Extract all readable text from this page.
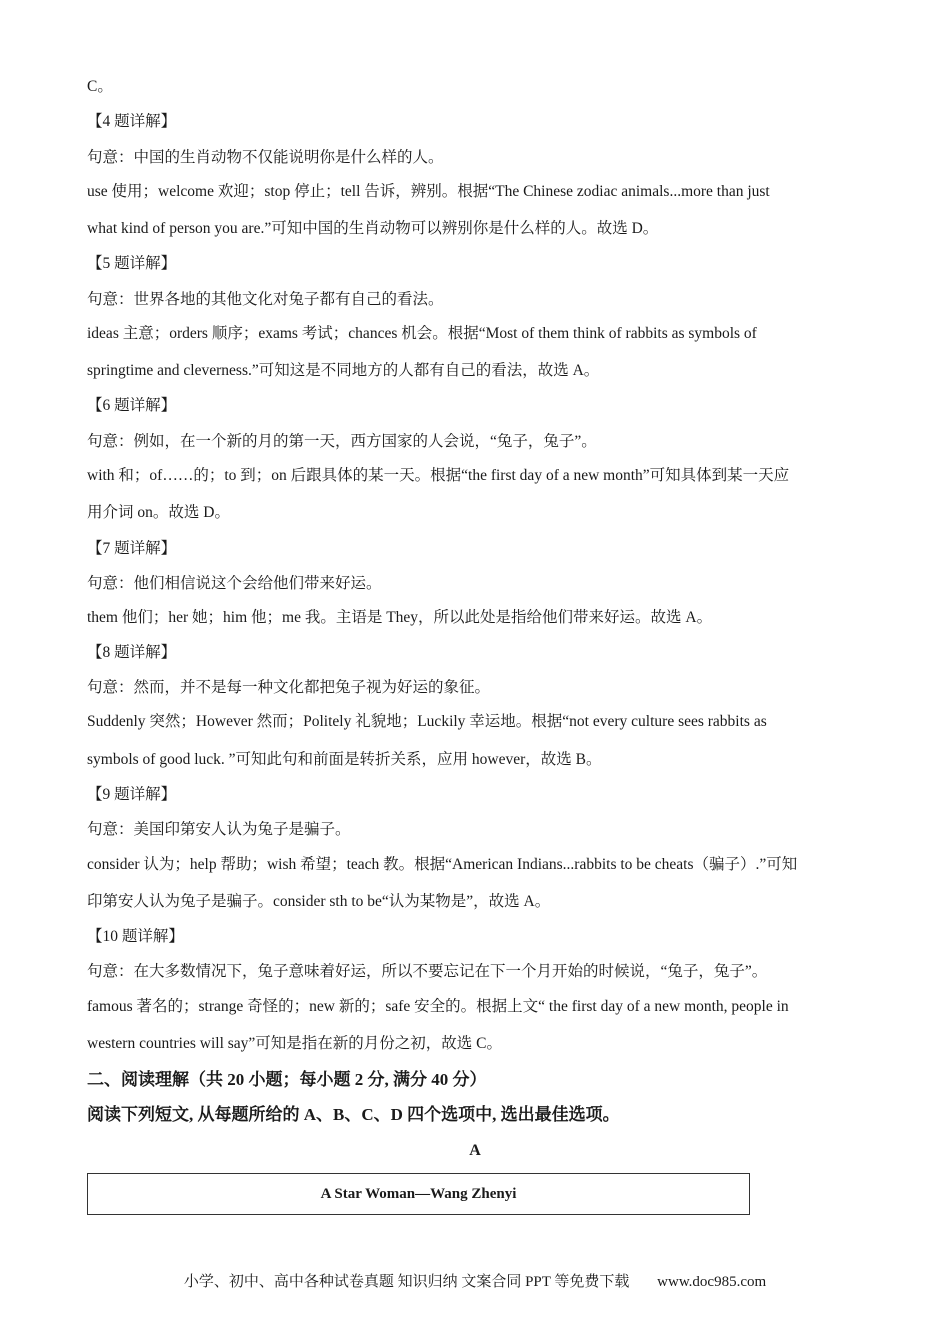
C。
【4 题详解】
句意：中国的生肖动物不仅能说明你是什么样的人。
use 使用；welcome 欢迎；stop 停止；tell 告诉，辨别。根据“The Chinese zodiac animals...more than just
what kind of person you are.”可知中国的生肖动物可以辨别你是什么样的人。故选 D。
【5 题详解】
句意：世界各地的其他文化对兔子都有自己的看法。
ideas 主意；orders 顺序；exams 考试；chances 机会。根据“Most of them think of rabbits as symbols of
springtime and cleverness.”可知这是不同地方的人都有自己的看法，故选 A。
【6 题详解】
句意：例如，在一个新的月的第一天，西方国家的人会说，“兔子，兔子”。
with 和；of……的；to 到；on 后跟具体的某一天。根据“the first day of a new month”可知具体到某一天应
用介词 on。故选 D。
【7 题详解】
句意：他们相信说这个会给他们带来好运。
them 他们；her 她；him 他；me 我。主语是 They，所以此处是指给他们带来好运。故选 A。
【8 题详解】
句意：然而，并不是每一种文化都把兔子视为好运的象征。
Suddenly 突然；However 然而；Politely 礼貌地；Luckily 幸运地。根据“not every culture sees rabbits as
symbols of good luck. ”可知此句和前面是转折关系，应用 however，故选 B。
【9 题详解】
句意：美国印第安人认为兔子是骗子。
consider 认为；help 帮助；wish 希望；teach 教。根据“American Indians...rabbits to be cheats（骗子）.”可知
印第安人认为兔子是骗子。consider sth to be“认为某物是”，故选 A。
【10 题详解】
句意：在大多数情况下，兔子意味着好运，所以不要忘记在下一个月开始的时候说，“兔子，兔子”。
famous 著名的；strange 奇怪的；new 新的；safe 安全的。根据上文“ the first day of a new month, people in
western countries will say”可知是指在新的月份之初，故选 C。
二、阅读理解（共 20 小题；每小题 2 分, 满分 40 分）
阅读下列短文, 从每题所给的 A、B、C、D 四个选项中, 选出最佳选项。
A
A Star Woman—Wang Zhenyi
小学、初中、高中各种试卷真题 知识归纳 文案合同 PPT 等免费下载 www.doc985.com
